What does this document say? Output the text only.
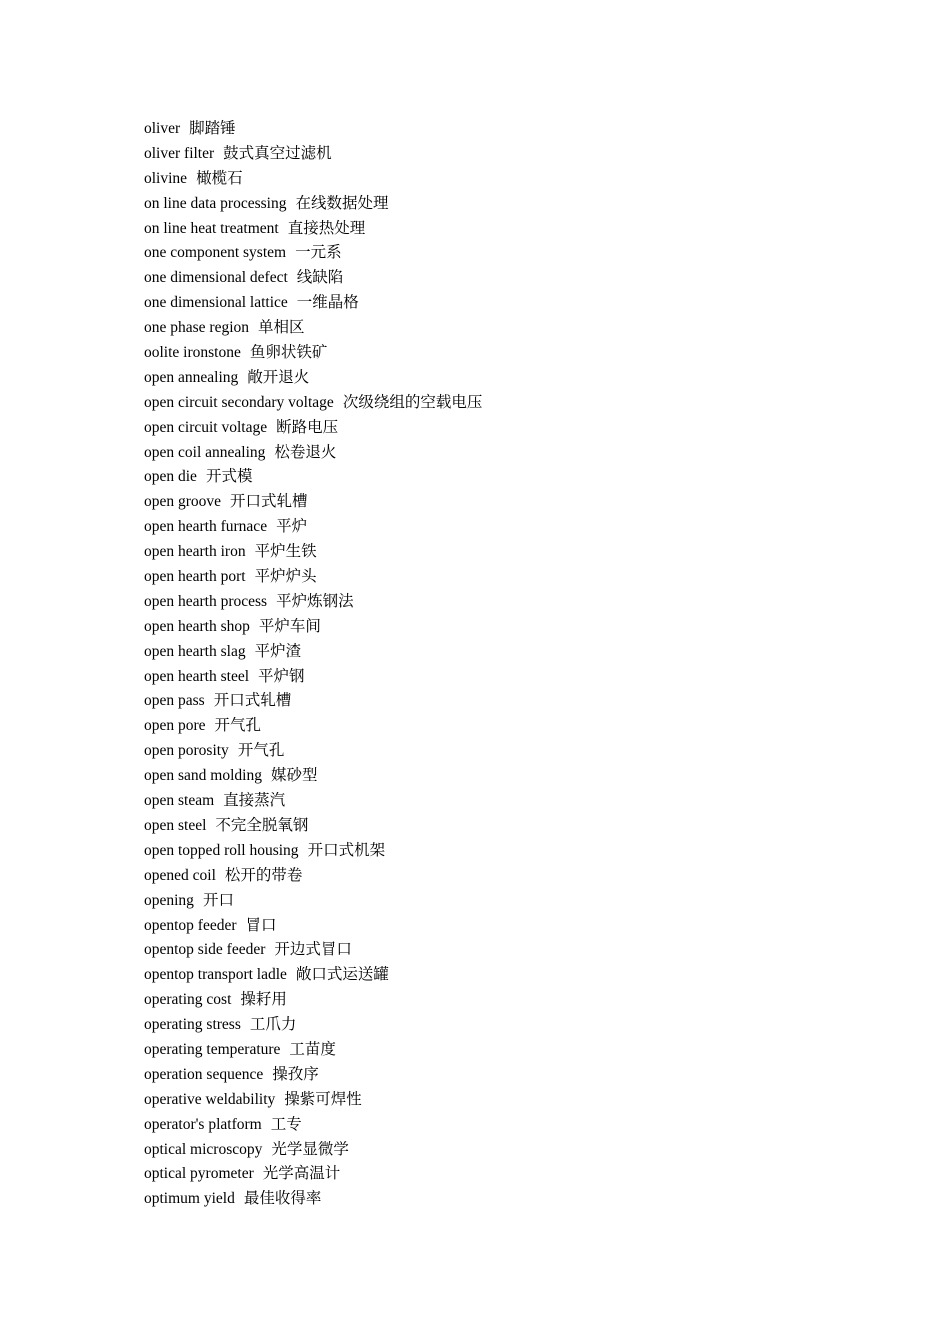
oliver 脚踏锤
oliver filter 鼓式真空过滤机
olivine 橄榄石
on line data processing 在线数据处理
on line heat treatment 直接热处理
one component system 一元系
one dimensional defect 线缺陷
one dimensional lattice 一维晶格
one phase region 单相区
oolite ironstone 鱼卵状铁矿
open annealing 敞开退火
open circuit secondary voltage 次级绕组的空载电压
open circuit voltage 断路电压
open coil annealing 松卷退火
open die 开式模
open groove 开口式轧槽
open hearth furnace 平炉
open hearth iron 平炉生铁
open hearth port 平炉炉头
open hearth process 平炉炼钢法
open hearth shop 平炉车间
open hearth slag 平炉渣
open hearth steel 平炉钢
open pass 开口式轧槽
open pore 开气孔
open porosity 开气孔
open sand molding 媒砂型
open steam 直接蒸汽
open steel 不完全脱氧钢
open topped roll housing 开口式机架
opened coil 松开的带卷
opening 开口
opentop feeder 冒口
opentop side feeder 开边式冒口
opentop transport ladle 敞口式运送罐
operating cost 操耔用
operating stress 工爪力
operating temperature 工苗度
operation sequence 操孜序
operative weldability 操紫可焊性
operator's platform 工专
optical microscopy 光学显微学
optical pyrometer 光学高温计
optimum yield 最佳收得率
